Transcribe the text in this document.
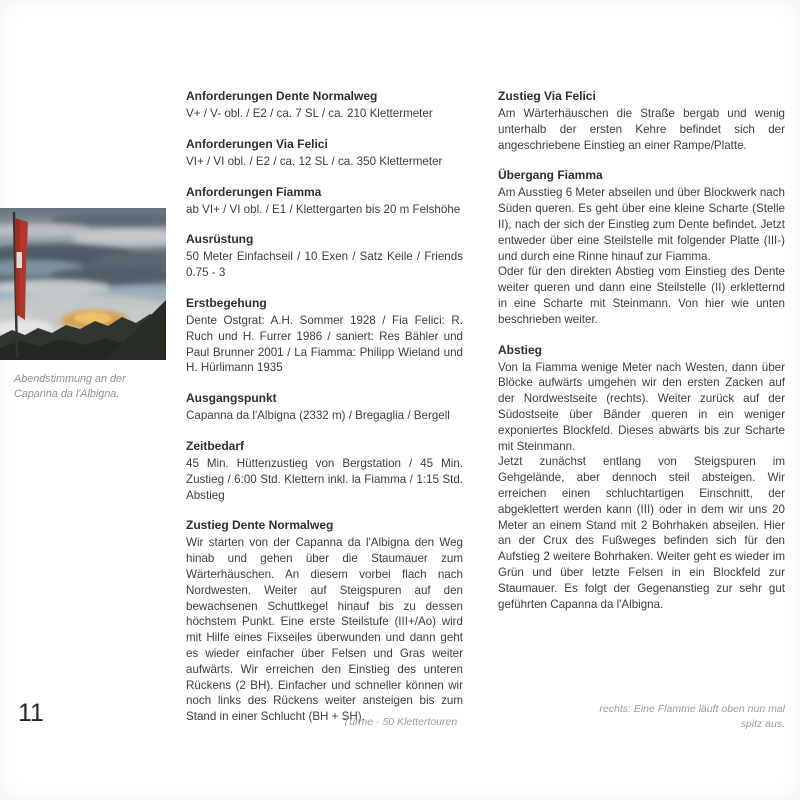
Abendstimmung an der Capanna da l'Albigna.
Anforderungen Dente Normalweg

V+ / V- obl. / E2 / ca. 7 SL / ca. 210 Klettermeter

Anforderungen Via Felici

VI+ / VI obl. / E2 / ca. 12 SL / ca. 350 Klettermeter

Anforderungen Fiamma

ab VI+ / VI obl. / E1 / Klettergarten bis 20 m Felshöhe

Ausrüstung

50 Meter Einfachseil / 10 Exen / Satz Keile / Friends 0.75 - 3

Erstbegehung

Dente Ostgrat: A.H. Sommer 1928 / Fia Felici: R. Ruch und H. Furrer 1986 / saniert: Res Bähler und Paul Brunner 2001 / La Fiamma: Philipp Wieland und H. Hürlimann 1935

Ausgangspunkt

Capanna da l'Albigna (2332 m) / Bregaglia / Bergell

Zeitbedarf

45 Min. Hüttenzustieg von Bergstation / 45 Min. Zustieg / 6:00 Std. Klettern inkl. la Fiamma / 1:15 Std. Abstieg

Zustieg Dente Normalweg

Wir starten von der Capanna da l'Albigna den Weg hinab und gehen über die Staumauer zum Wärterhäuschen. An diesem vorbei flach nach Nordwesten. Weiter auf Steigspuren auf den bewachsenen Schuttkegel hinauf bis zu dessen höchstem Punkt. Eine erste Steilstufe (III+/Ao) wird mit Hilfe eines Fixseiles überwunden und dann geht es wieder einfacher über Felsen und Gras weiter aufwärts. Wir erreichen den Einstieg des unteren Rückens (2 BH). Einfacher und schneller können wir noch links des Rückens weiter ansteigen bis zum Stand in einer Schlucht (BH + SH).

Zustieg Via Felici

Am Wärterhäuschen die Straße bergab und wenig unterhalb der ersten Kehre befindet sich der angeschriebene Einstieg an einer Rampe/Platte.

Übergang Fiamma

Am Ausstieg 6 Meter abseilen und über Blockwerk nach Süden queren. Es geht über eine kleine Scharte (Stelle II), nach der sich der Einstieg zum Dente befindet. Jetzt entweder über eine Steilstelle mit folgender Platte (III-) und durch eine Rinne hinauf zur Fiamma.

Oder für den direkten Abstieg vom Einstieg des Dente weiter queren und dann eine Steilstelle (II) erkletternd in eine Scharte mit Steinmann. Von hier wie unten beschrieben weiter.

Abstieg

Von la Fiamma wenige Meter nach Westen, dann über Blöcke aufwärts umgehen wir den ersten Zacken auf der Nordwestseite (rechts). Weiter zurück auf der Südostseite über Bänder queren in ein weniger exponiertes Blockfeld. Dieses abwärts bis zur Scharte mit Steinmann.

Jetzt zunächst entlang von Steigspuren im Gehgelände, aber dennoch steil absteigen. Wir erreichen einen schluchtartigen Einschnitt, der abgeklettert werden kann (III) oder in dem wir uns 20 Meter an einem Stand mit 2 Bohrhaken abseilen. Hier an der Crux des Fußweges befinden sich für den Aufstieg 2 weitere Bohrhaken. Weiter geht es wieder im Grün und über letzte Felsen in ein Blockfeld zur Staumauer. Es folgt der Gegenanstieg zur sehr gut geführten Capanna da l'Albigna.

11	Türme - 50 Klettertouren
rechts: Eine Flamme läuft oben nun mal spitz aus.
